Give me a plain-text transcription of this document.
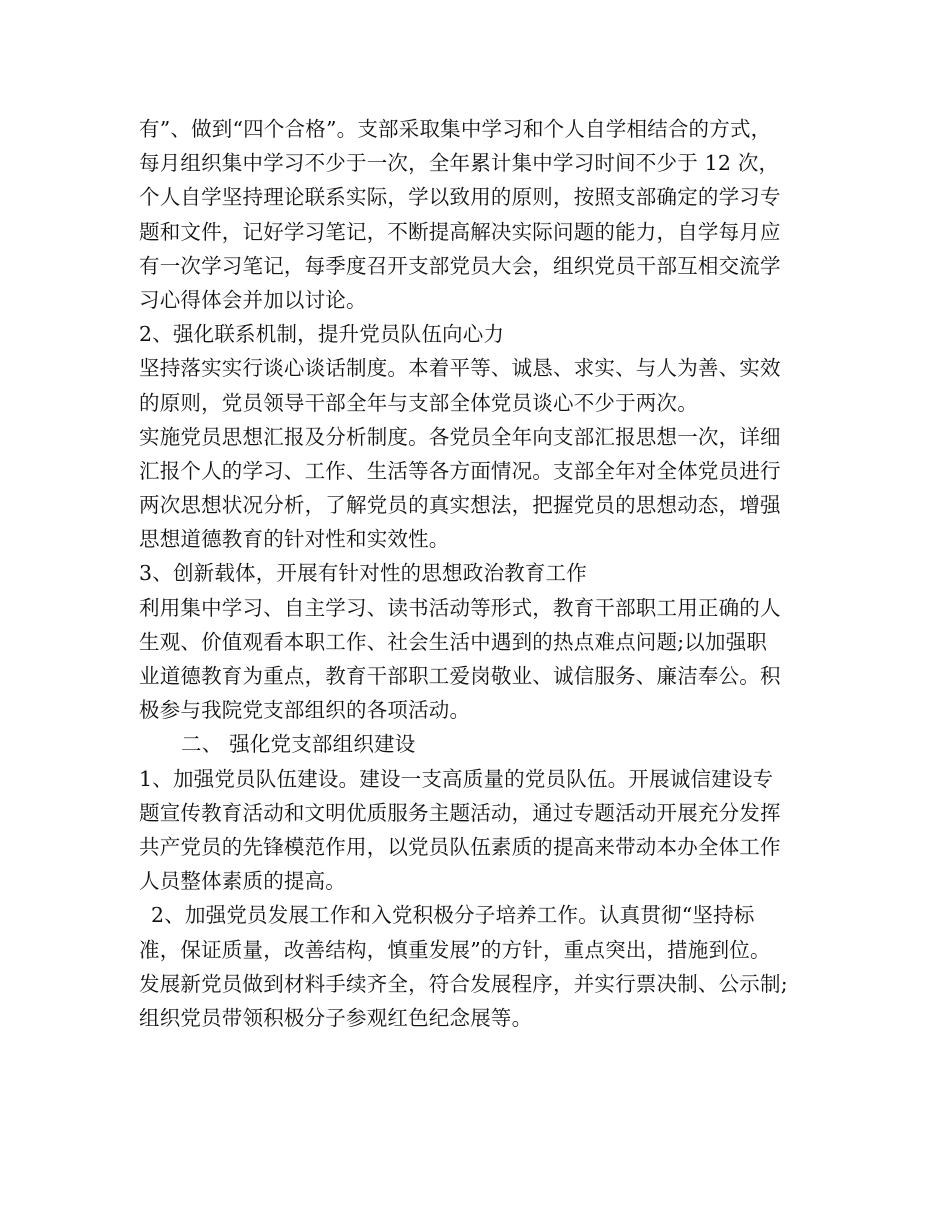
有”、做到“四个合格”。支部采取集中学习和个人自学相结合的方式，
每月组织集中学习不少于一次，全年累计集中学习时间不少于 12 次，
个人自学坚持理论联系实际，学以致用的原则，按照支部确定的学习专
题和文件，记好学习笔记，不断提高解决实际问题的能力，自学每月应
有一次学习笔记，每季度召开支部党员大会，组织党员干部互相交流学
习心得体会并加以讨论。
2、强化联系机制，提升党员队伍向心力
坚持落实实行谈心谈话制度。本着平等、诚恳、求实、与人为善、实效
的原则，党员领导干部全年与支部全体党员谈心不少于两次。
实施党员思想汇报及分析制度。各党员全年向支部汇报思想一次，详细
汇报个人的学习、工作、生活等各方面情况。支部全年对全体党员进行
两次思想状况分析，了解党员的真实想法，把握党员的思想动态，增强
思想道德教育的针对性和实效性。
3、创新载体，开展有针对性的思想政治教育工作
利用集中学习、自主学习、读书活动等形式，教育干部职工用正确的人
生观、价值观看本职工作、社会生活中遇到的热点难点问题;以加强职
业道德教育为重点，教育干部职工爱岗敬业、诚信服务、廉洁奉公。积
极参与我院党支部组织的各项活动。
二、 强化党支部组织建设
1、加强党员队伍建设。建设一支高质量的党员队伍。开展诚信建设专
题宣传教育活动和文明优质服务主题活动，通过专题活动开展充分发挥
共产党员的先锋模范作用，以党员队伍素质的提高来带动本办全体工作
人员整体素质的提高。
2、加强党员发展工作和入党积极分子培养工作。认真贯彻“坚持标
准，保证质量，改善结构，慎重发展”的方针，重点突出，措施到位。
发展新党员做到材料手续齐全，符合发展程序，并实行票决制、公示制;
组织党员带领积极分子参观红色纪念展等。
